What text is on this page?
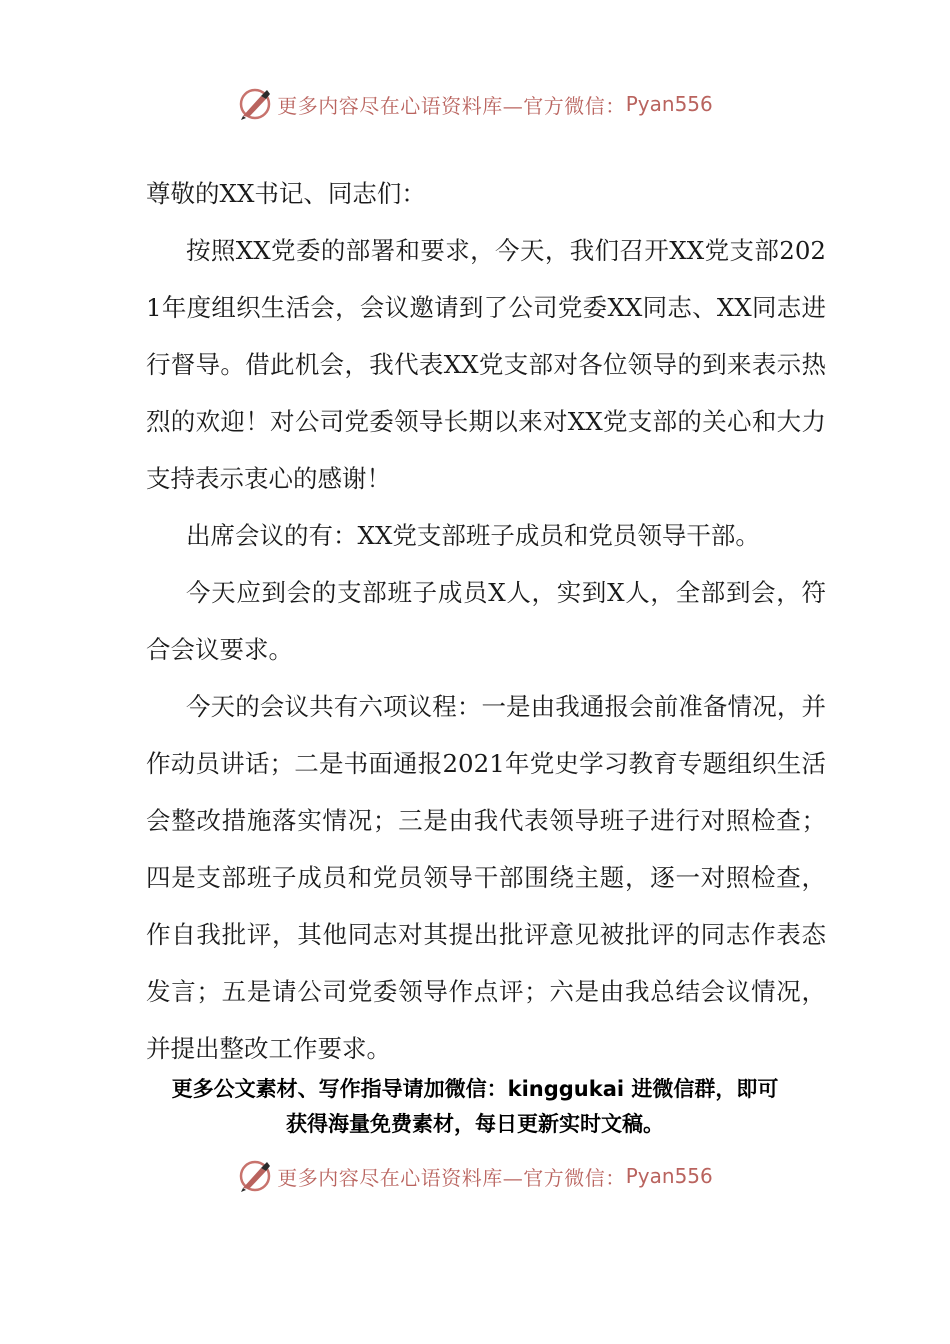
更多内容尽在心语资料库—官方微信： Pyan556

尊敬的XX书记、同志们：

按照XX党委的部署和要求，今天，我们召开XX党支部2021年度组织生活会，会议邀请到了公司党委XX同志、XX同志进行督导。借此机会，我代表XX党支部对各位领导的到来表示热烈的欢迎！对公司党委领导长期以来对XX党支部的关心和大力支持表示衷心的感谢！

出席会议的有：XX党支部班子成员和党员领导干部。

今天应到会的支部班子成员X人，实到X人，全部到会，符合会议要求。

今天的会议共有六项议程：一是由我通报会前准备情况，并作动员讲话；二是书面通报2021年党史学习教育专题组织生活会整改措施落实情况；三是由我代表领导班子进行对照检查；四是支部班子成员和党员领导干部围绕主题，逐一对照检查，作自我批评，其他同志对其提出批评意见被批评的同志作表态发言；五是请公司党委领导作点评；六是由我总结会议情况，并提出整改工作要求。

更多公文素材、写作指导请加微信：kinggukai 进微信群，即可
获得海量免费素材，每日更新实时文稿。
更多内容尽在心语资料库—官方微信： Pyan556
